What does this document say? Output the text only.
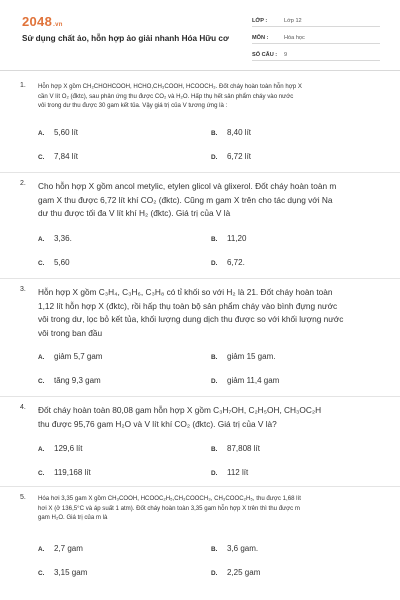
2048.vn
Sử dụng chất ảo, hỗn hợp ảo giải nhanh Hóa Hữu cơ
LỚP :	Lớp 12
MÔN :	Hóa học
SỐ CÂU :	9
1. Hỗn hợp X gồm CH₂CHOHCOOH, HCHO,CH₃COOH, HCOOCH₃. Đốt cháy hoàn toàn hỗn hợp X
cần V lít O₂ (đktc), sau phản ứng thu được CO₂ và H₂O. Hấp thụ hết sản phẩm cháy vào nước
vôi trong dư thu được 30 gam kết tủa. Vậy giá trị của V tương ứng là :
A.	5,60 lít	B.	8,40 lít
C.	7,84 lít	D.	6,72 lít
2. Cho hỗn hợp X gồm ancol metylic, etylen glicol và glixerol. Đốt cháy hoàn toàn m
gam X thu được 6,72 lít khí CO₂ (đktc). Cũng m gam X trên cho tác dụng với Na
dư thu được tối đa V lít khí H₂ (đktc). Giá trị của V là
A.	3,36.	B.	11,20
C.	5,60	D.	6,72.
3. Hỗn hợp X gồm C₃H₄, C₃H₆, C₃H₈ có tỉ khối so với H₂ là 21. Đốt cháy hoàn toàn
1,12 lít hỗn hợp X (đktc), rồi hấp thụ toàn bộ sản phẩm cháy vào bình đựng nước
vôi trong dư, lọc bỏ kết tủa, khối lượng dung dịch thu được so với khối lượng nước
vôi trong ban đầu
A.	giảm 5,7 gam	B.	giảm 15 gam.
C.	tăng 9,3 gam	D.	giảm 11,4 gam
4. Đốt cháy hoàn toàn 80,08 gam hỗn hợp X gồm C₃H₇OH, C₂H₅OH, CH₃OC₂H
thu được 95,76 gam H₂O và V lít khí CO₂ (đktc). Giá trị của V là?
A.	129,6 lít	B.	87,808 lít
C.	119,168 lít	D.	112 lít
5. Hóa hơi 3,35 gam X gồm CH₃COOH, HCOOC₂H₅,CH₃COOCH₃, CH₃COOC₂H₅, thu được 1,68 lít
hơi X (ở 136,5°C và áp suất 1 atm). Đốt cháy hoàn toàn 3,35 gam hỗn hợp X trên thì thu được m
gam H₂O. Giá trị của m là
A.	2,7 gam	B.	3,6 gam.
C.	3,15 gam	D.	2,25 gam
